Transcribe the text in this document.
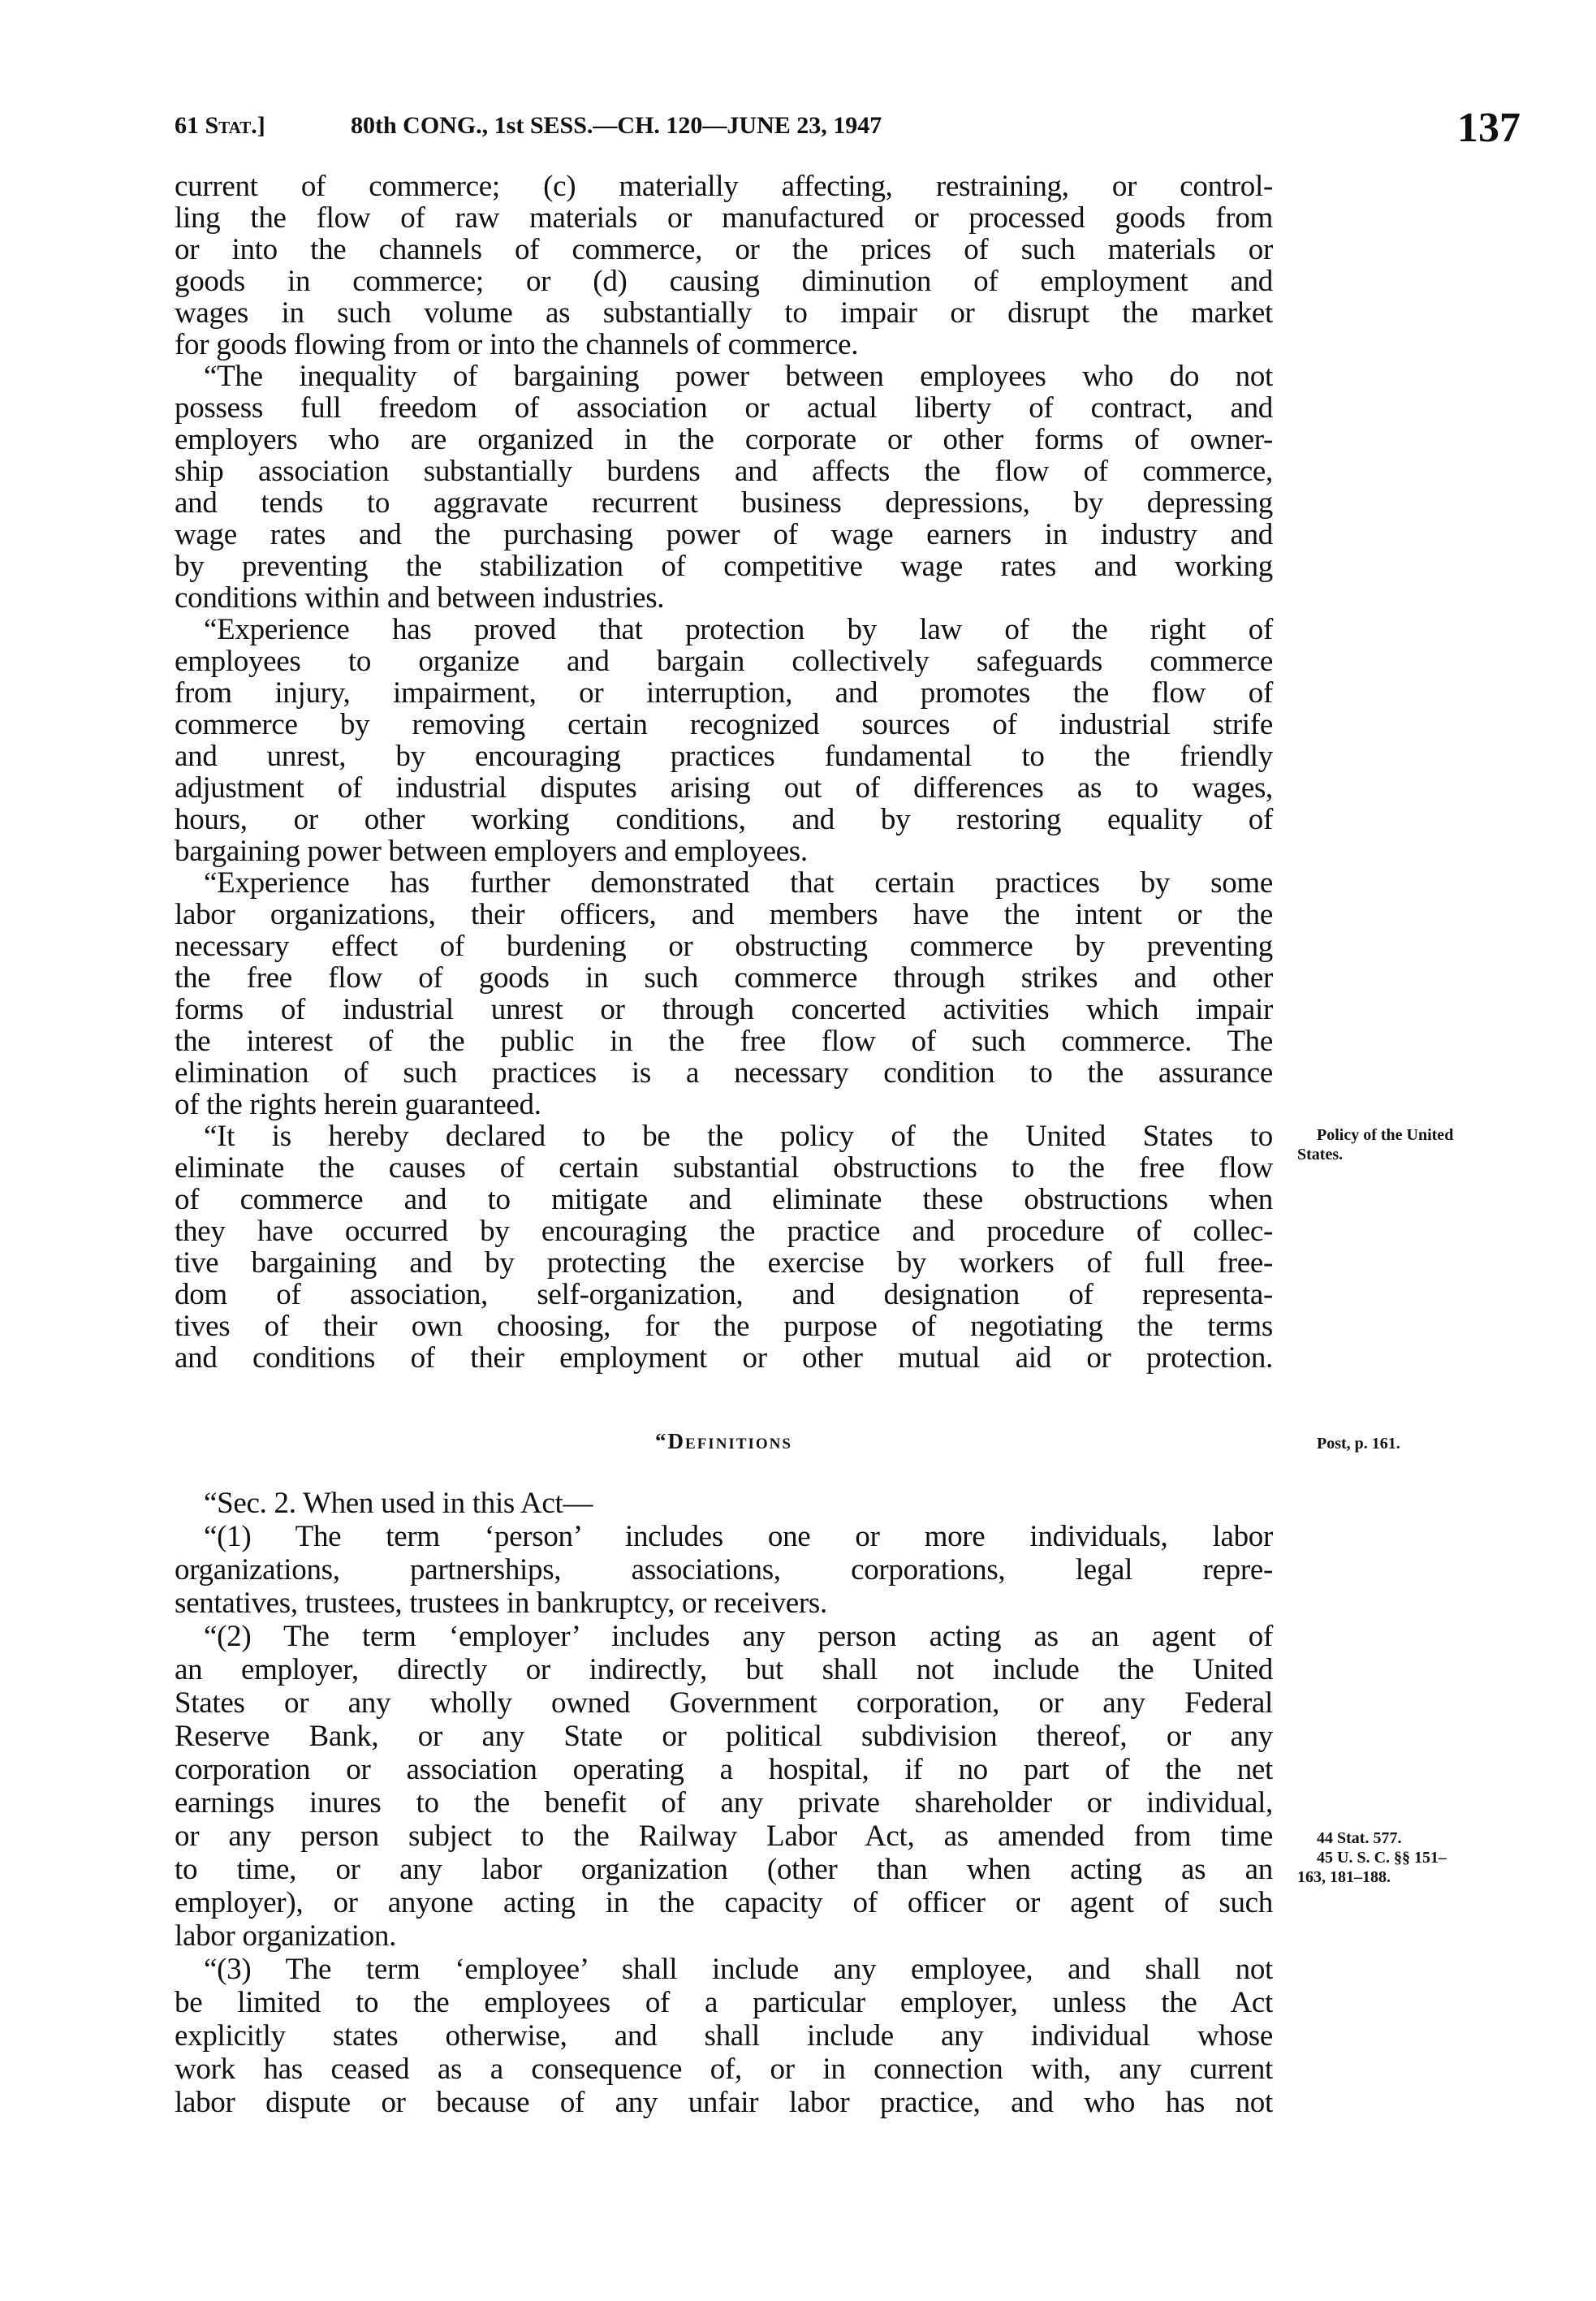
61 Stat.]	80th CONG., 1st SESS.—CH. 120—JUNE 23, 1947	137
current of commerce; (c) materially affecting, restraining, or control-
ling the flow of raw materials or manufactured or processed goods from
or into the channels of commerce, or the prices of such materials or
goods in commerce; or (d) causing diminution of employment and
wages in such volume as substantially to impair or disrupt the market
for goods flowing from or into the channels of commerce.
“The inequality of bargaining power between employees who do not
possess full freedom of association or actual liberty of contract, and
employers who are organized in the corporate or other forms of owner-
ship association substantially burdens and affects the flow of commerce,
and tends to aggravate recurrent business depressions, by depressing
wage rates and the purchasing power of wage earners in industry and
by preventing the stabilization of competitive wage rates and working
conditions within and between industries.
“Experience has proved that protection by law of the right of
employees to organize and bargain collectively safeguards commerce
from injury, impairment, or interruption, and promotes the flow of
commerce by removing certain recognized sources of industrial strife
and unrest, by encouraging practices fundamental to the friendly
adjustment of industrial disputes arising out of differences as to wages,
hours, or other working conditions, and by restoring equality of
bargaining power between employers and employees.
“Experience has further demonstrated that certain practices by some
labor organizations, their officers, and members have the intent or the
necessary effect of burdening or obstructing commerce by preventing
the free flow of goods in such commerce through strikes and other
forms of industrial unrest or through concerted activities which impair
the interest of the public in the free flow of such commerce. The
elimination of such practices is a necessary condition to the assurance
of the rights herein guaranteed.
“It is hereby declared to be the policy of the United States to
eliminate the causes of certain substantial obstructions to the free flow
of commerce and to mitigate and eliminate these obstructions when
they have occurred by encouraging the practice and procedure of collec-
tive bargaining and by protecting the exercise by workers of full free-
dom of association, self-organization, and designation of representa-
tives of their own choosing, for the purpose of negotiating the terms
and conditions of their employment or other mutual aid or protection.
“Definitions
“Sec. 2. When used in this Act—
“(1) The term ‘person’ includes one or more individuals, labor
organizations, partnerships, associations, corporations, legal repre-
sentatives, trustees, trustees in bankruptcy, or receivers.
“(2) The term ‘employer’ includes any person acting as an agent of
an employer, directly or indirectly, but shall not include the United
States or any wholly owned Government corporation, or any Federal
Reserve Bank, or any State or political subdivision thereof, or any
corporation or association operating a hospital, if no part of the net
earnings inures to the benefit of any private shareholder or individual,
or any person subject to the Railway Labor Act, as amended from time
to time, or any labor organization (other than when acting as an
employer), or anyone acting in the capacity of officer or agent of such
labor organization.
“(3) The term ‘employee’ shall include any employee, and shall not
be limited to the employees of a particular employer, unless the Act
explicitly states otherwise, and shall include any individual whose
work has ceased as a consequence of, or in connection with, any current
labor dispute or because of any unfair labor practice, and who has not
Policy of the United
States.
Post, p. 161.
44 Stat. 577.
45 U. S. C. §§ 151–
163, 181–188.
